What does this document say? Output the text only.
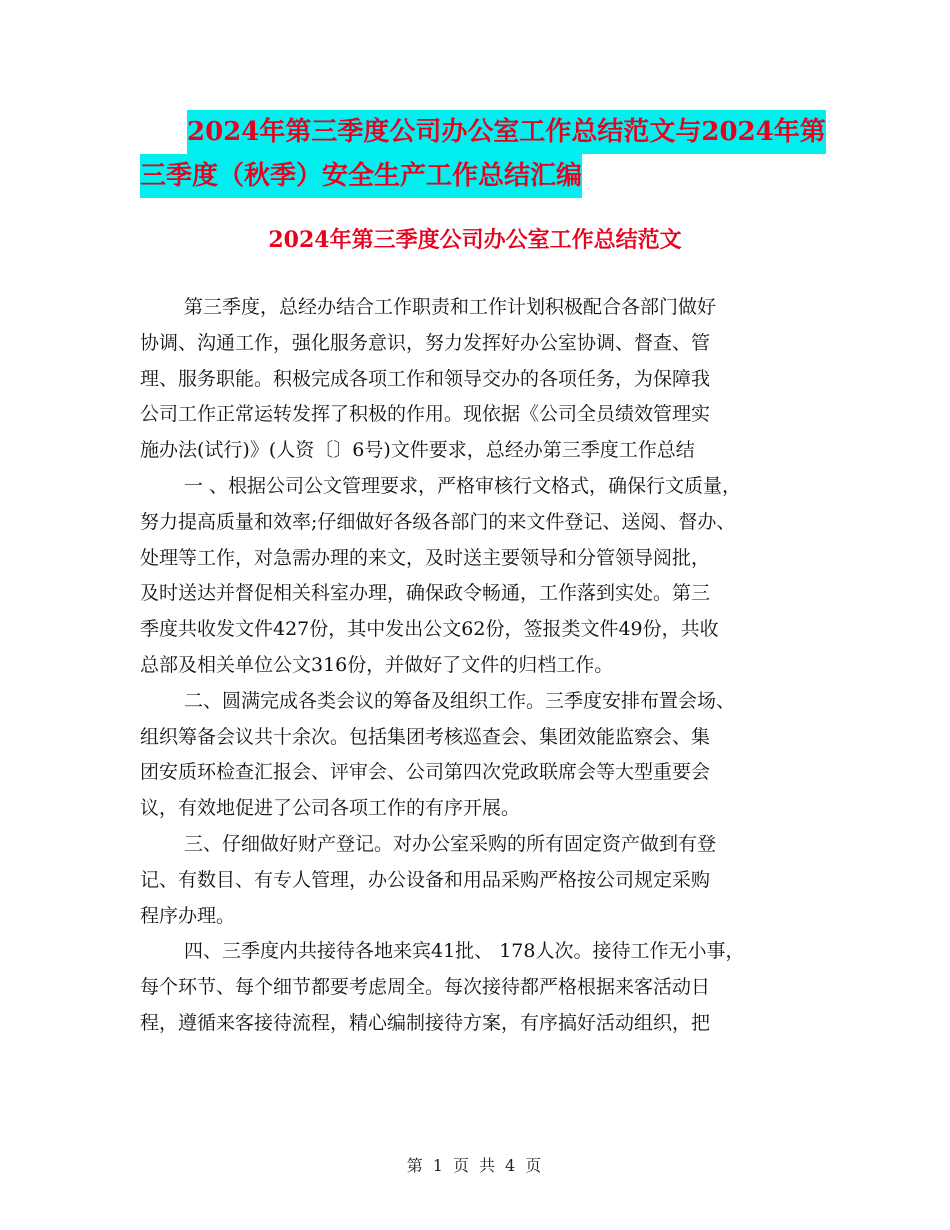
2024年第三季度公司办公室工作总结范文与2024年第
三季度（秋季）安全生产工作总结汇编
2024年第三季度公司办公室工作总结范文
第三季度，总经办结合工作职责和工作计划积极配合各部门做好
协调、沟通工作，强化服务意识，努力发挥好办公室协调、督查、管
理、服务职能。积极完成各项工作和领导交办的各项任务，为保障我
公司工作正常运转发挥了积极的作用。现依据《公司全员绩效管理实
施办法(试行)》(人资〔〕6号)文件要求，总经办第三季度工作总结
一 、根据公司公文管理要求，严格审核行文格式，确保行文质量，
努力提高质量和效率;仔细做好各级各部门的来文件登记、送阅、督办、
处理等工作，对急需办理的来文，及时送主要领导和分管领导阅批，
及时送达并督促相关科室办理，确保政令畅通，工作落到实处。第三
季度共收发文件427份，其中发出公文62份，签报类文件49份，共收
总部及相关单位公文316份，并做好了文件的归档工作。
二、圆满完成各类会议的筹备及组织工作。三季度安排布置会场、
组织筹备会议共十余次。包括集团考核巡查会、集团效能监察会、集
团安质环检查汇报会、评审会、公司第四次党政联席会等大型重要会
议，有效地促进了公司各项工作的有序开展。
三、仔细做好财产登记。对办公室采购的所有固定资产做到有登
记、有数目、有专人管理，办公设备和用品采购严格按公司规定采购
程序办理。
四、三季度内共接待各地来宾41批、 178人次。接待工作无小事，
每个环节、每个细节都要考虑周全。每次接待都严格根据来客活动日
程，遵循来客接待流程，精心编制接待方案，有序搞好活动组织，把
第 1 页 共 4 页
